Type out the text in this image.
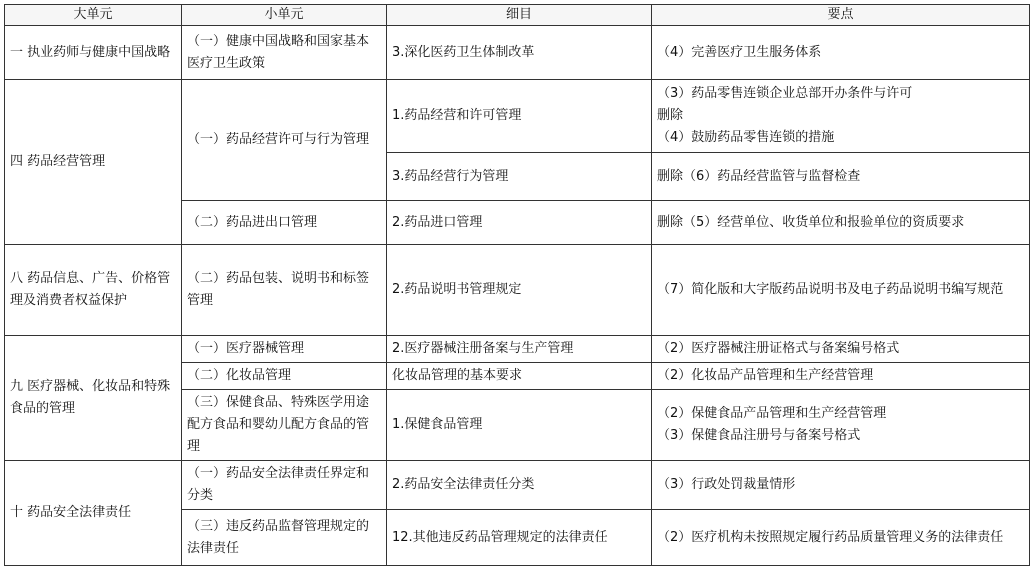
大单元	小单元	细目	要点
一 执业药师与健康中国战略	（一）健康中国战略和国家基本医疗卫生政策	3.深化医药卫生体制改革	（4）完善医疗卫生服务体系
四 药品经营管理	（一）药品经营许可与行为管理	1.药品经营和许可管理	（3）药品零售连锁企业总部开办条件与许可
删除
（4）鼓励药品零售连锁的措施
		3.药品经营行为管理	删除（6）药品经营监管与监督检查
	（二）药品进出口管理	2.药品进口管理	删除（5）经营单位、收货单位和报验单位的资质要求
八 药品信息、广告、价格管理及消费者权益保护	（二）药品包装、说明书和标签管理	2.药品说明书管理规定	（7）简化版和大字版药品说明书及电子药品说明书编写规范
九 医疗器械、化妆品和特殊食品的管理	（一）医疗器械管理	2.医疗器械注册备案与生产管理	（2）医疗器械注册证格式与备案编号格式
	（二）化妆品管理	化妆品管理的基本要求	（2）化妆品产品管理和生产经营管理
	（三）保健食品、特殊医学用途配方食品和婴幼儿配方食品的管理	1.保健食品管理	（2）保健食品产品管理和生产经营管理
（3）保健食品注册号与备案号格式
十 药品安全法律责任	（一）药品安全法律责任界定和分类	2.药品安全法律责任分类	（3）行政处罚裁量情形
	（三）违反药品监督管理规定的法律责任	12.其他违反药品管理规定的法律责任	（2）医疗机构未按照规定履行药品质量管理义务的法律责任
